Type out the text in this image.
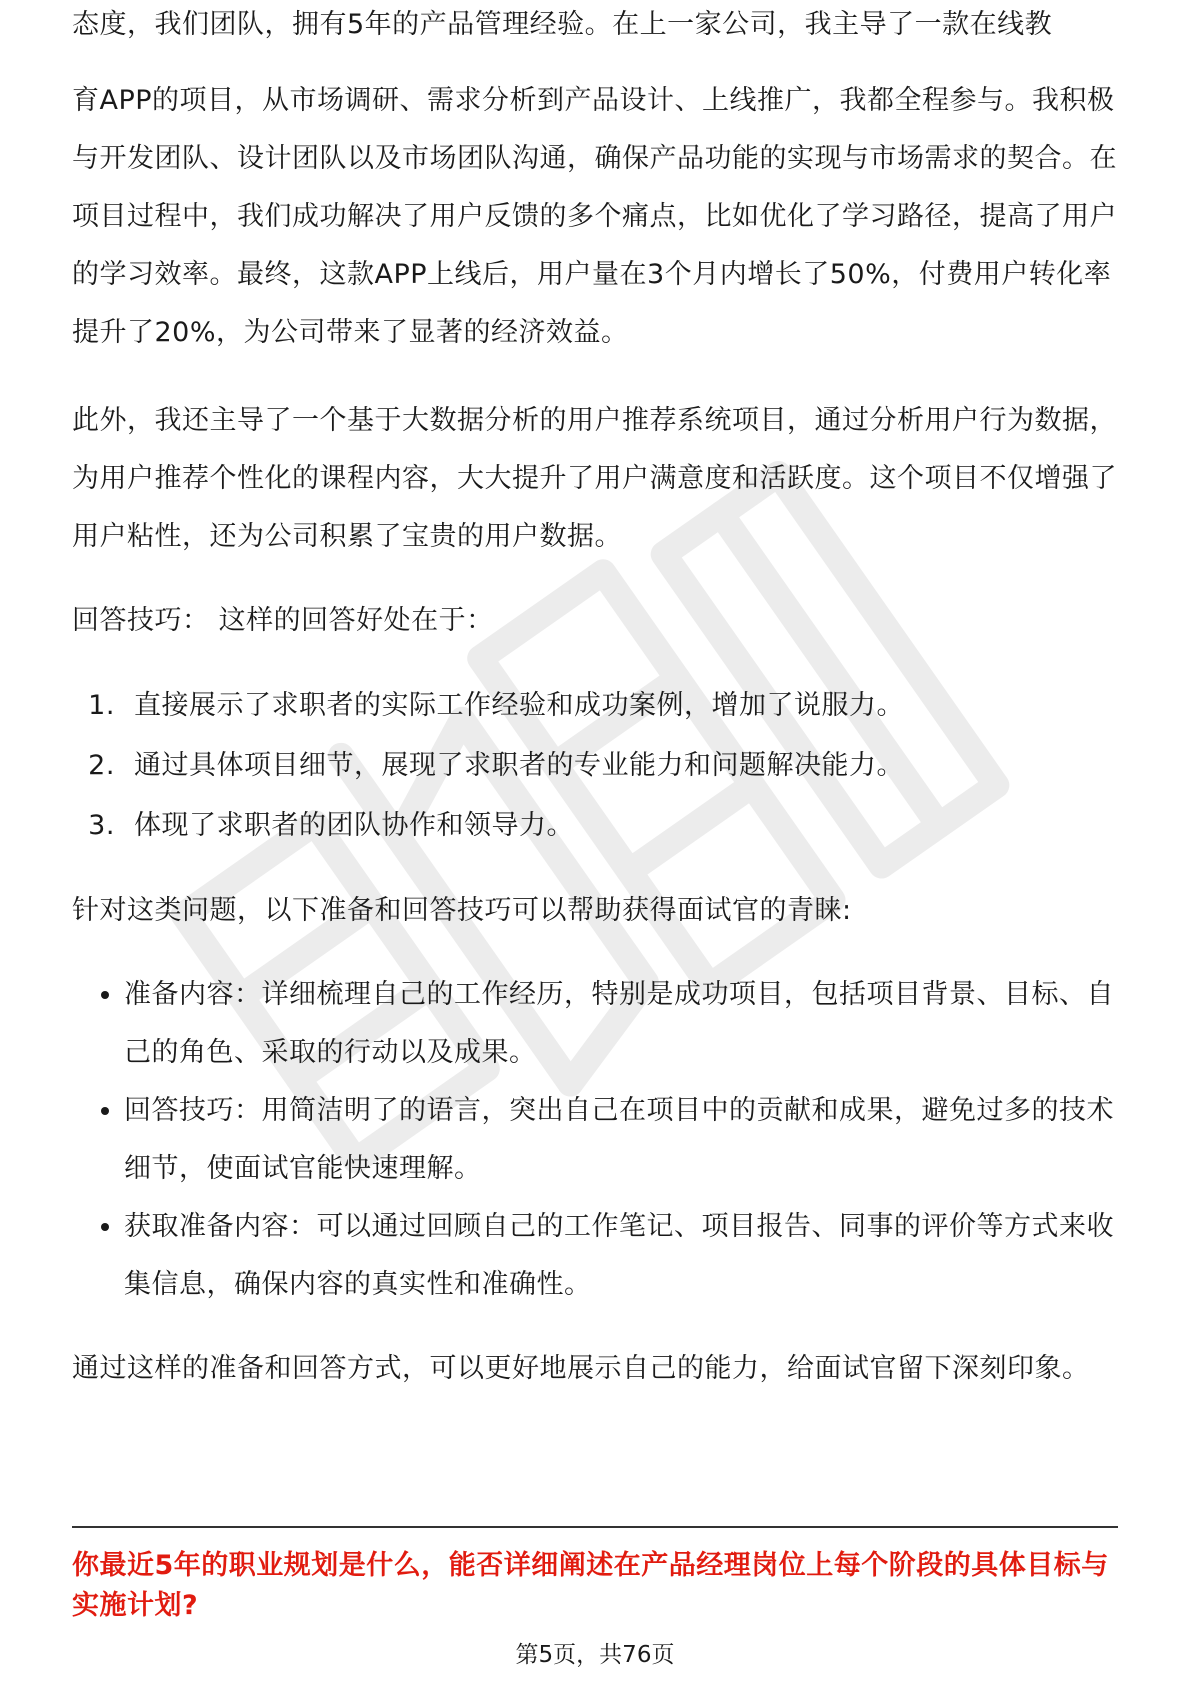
态度，我们团队，拥有5年的产品管理经验。在上一家公司，我主导了一款在线教

育APP的项目，从市场调研、需求分析到产品设计、上线推广，我都全程参与。我积极与开发团队、设计团队以及市场团队沟通，确保产品功能的实现与市场需求的契合。在项目过程中，我们成功解决了用户反馈的多个痛点，比如优化了学习路径，提高了用户的学习效率。最终，这款APP上线后，用户量在3个月内增长了50%，付费用户转化率提升了20%，为公司带来了显著的经济效益。

此外，我还主导了一个基于大数据分析的用户推荐系统项目，通过分析用户行为数据，为用户推荐个性化的课程内容，大大提升了用户满意度和活跃度。这个项目不仅增强了用户粘性，还为公司积累了宝贵的用户数据。

回答技巧： 这样的回答好处在于：

1. 直接展示了求职者的实际工作经验和成功案例，增加了说服力。
2. 通过具体项目细节，展现了求职者的专业能力和问题解决能力。
3. 体现了求职者的团队协作和领导力。

针对这类问题，以下准备和回答技巧可以帮助获得面试官的青睐:

• 准备内容：详细梳理自己的工作经历，特别是成功项目，包括项目背景、目标、自己的角色、采取的行动以及成果。
• 回答技巧：用简洁明了的语言，突出自己在项目中的贡献和成果，避免过多的技术细节，使面试官能快速理解。
• 获取准备内容：可以通过回顾自己的工作笔记、项目报告、同事的评价等方式来收集信息，确保内容的真实性和准确性。

通过这样的准备和回答方式，可以更好地展示自己的能力，给面试官留下深刻印象。

你最近5年的职业规划是什么，能否详细阐述在产品经理岗位上每个阶段的具体目标与实施计划?

第5页，共76页
